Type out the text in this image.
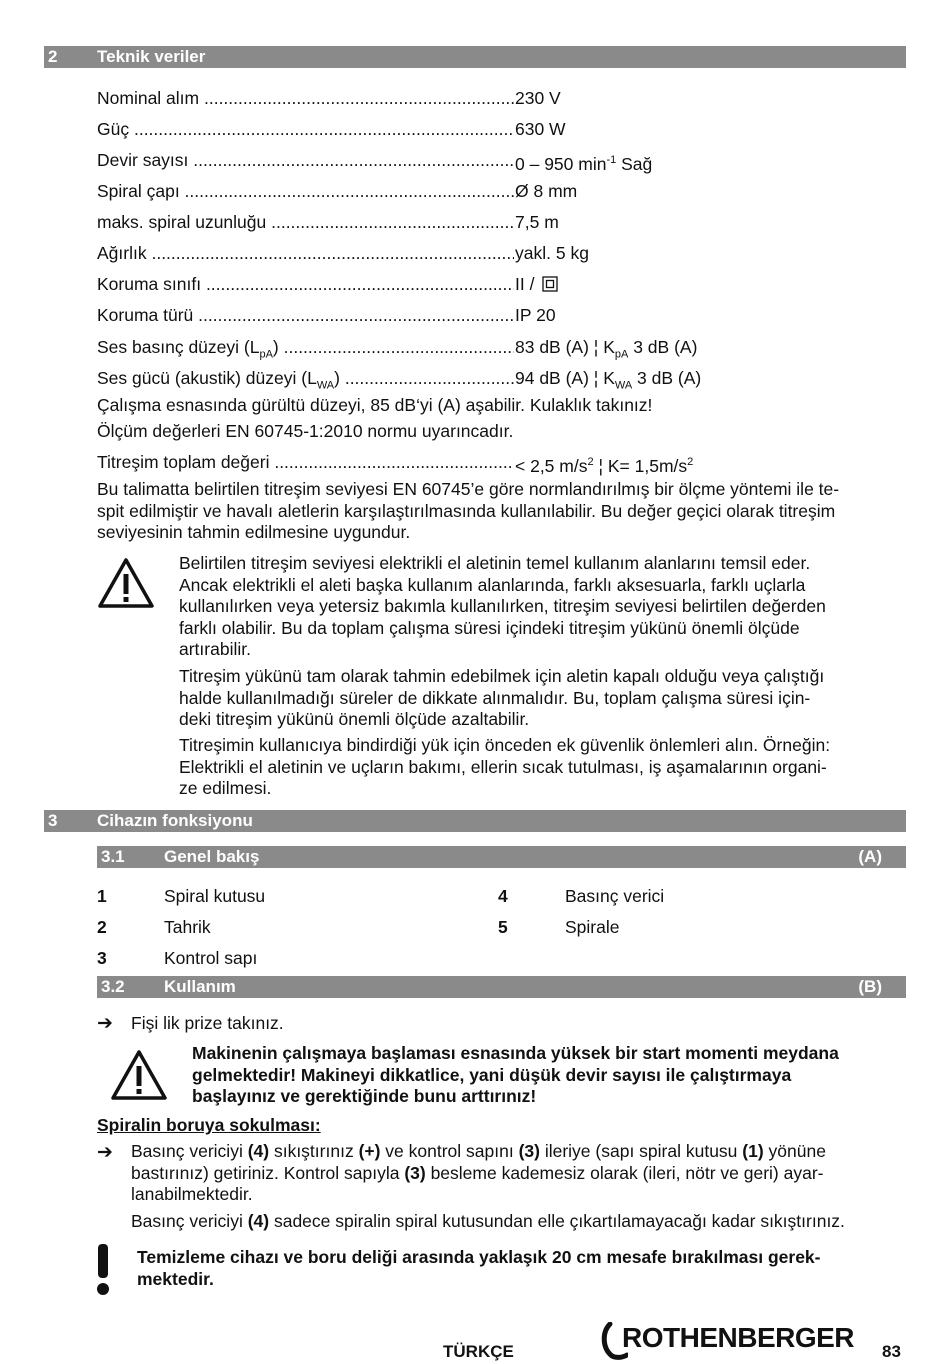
2 Teknik veriler
Nominal alım .....	230 V
Güç .....	630 W
Devir sayısı .....	0 – 950 $\min^{-1}$ Sağ
Spiral çapı .....	Ø 8 mm
maks. spiral uzunluğu .....	7,5 m
Ağırlık .....	yakl. 5 kg
Koruma sınıfı .....	II /
Koruma türü .....	IP 20
Ses basınç düzeyi $(L_{pA})$ .....	83 dB (A) ¦ $K_{pA}$ 3 dB (A)
Ses gücü (akustik) düzeyi $(L_{WA})$ .....	94 dB (A) ¦ $K_{WA}$ 3 dB (A)
Çalışma esnasında gürültü düzeyi, 85 dB‘yi (A) aşabilir. Kulaklık takınız!
Ölçüm değerleri EN 60745-1:2010 normu uyarıncadır.
Titreşim toplam değeri .....	< 2,5 $m/s^2$ ¦ $K= 1,5m/s^2$
Bu talimatta belirtilen titreşim seviyesi EN 60745’e göre normlandırılmış bir ölçme yöntemi ile te-
spit edilmiştir ve havalı aletlerin karşılaştırılmasında kullanılabilir. Bu değer geçici olarak titreşim
seviyesinin tahmin edilmesine uygundur.
Belirtilen titreşim seviyesi elektrikli el aletinin temel kullanım alanlarını temsil eder.
Ancak elektrikli el aleti başka kullanım alanlarında, farklı aksesuarla, farklı uçlarla
kullanılırken veya yetersiz bakımla kullanılırken, titreşim seviyesi belirtilen değerden
farklı olabilir. Bu da toplam çalışma süresi içindeki titreşim yükünü önemli ölçüde
artırabilir.
Titreşim yükünü tam olarak tahmin edebilmek için aletin kapalı olduğu veya çalıştığı
halde kullanılmadığı süreler de dikkate alınmalıdır. Bu, toplam çalışma süresi için-
deki titreşim yükünü önemli ölçüde azaltabilir.
Titreşimin kullanıcıya bindirdiği yük için önceden ek güvenlik önlemleri alın. Örneğin:
Elektrikli el aletinin ve uçların bakımı, ellerin sıcak tutulması, iş aşamalarının organi-
ze edilmesi.
3 Cihazın fonksiyonu
3.1 Genel bakış	(A)
1	Spiral kutusu
2	Tahrik
3	Kontrol sapı
4	Basınç verici
5	Spirale
3.2 Kullanım	(B)
➔ Fişi lik prize takınız.
Makinenin çalışmaya başlaması esnasında yüksek bir start momenti meydana
gelmektedir! Makineyi dikkatlice, yani düşük devir sayısı ile çalıştırmaya
başlayınız ve gerektiğinde bunu arttırınız!
Spiralin boruya sokulması:
➔ Basınç vericiyi (4) sıkıştırınız (+) ve kontrol sapını (3) ileriye (sapı spiral kutusu (1) yönüne
bastırınız) getiriniz. Kontrol sapıyla (3) besleme kademesiz olarak (ileri, nötr ve geri) ayar-
lanabilmektedir.
Basınç vericiyi (4) sadece spiralin spiral kutusundan elle çıkartılamayacağı kadar sıkıştırınız.
Temizleme cihazı ve boru deliği arasında yaklaşık 20 cm mesafe bırakılması gerek-
mektedir.
TÜRKÇE	ROTHENBERGER 83
